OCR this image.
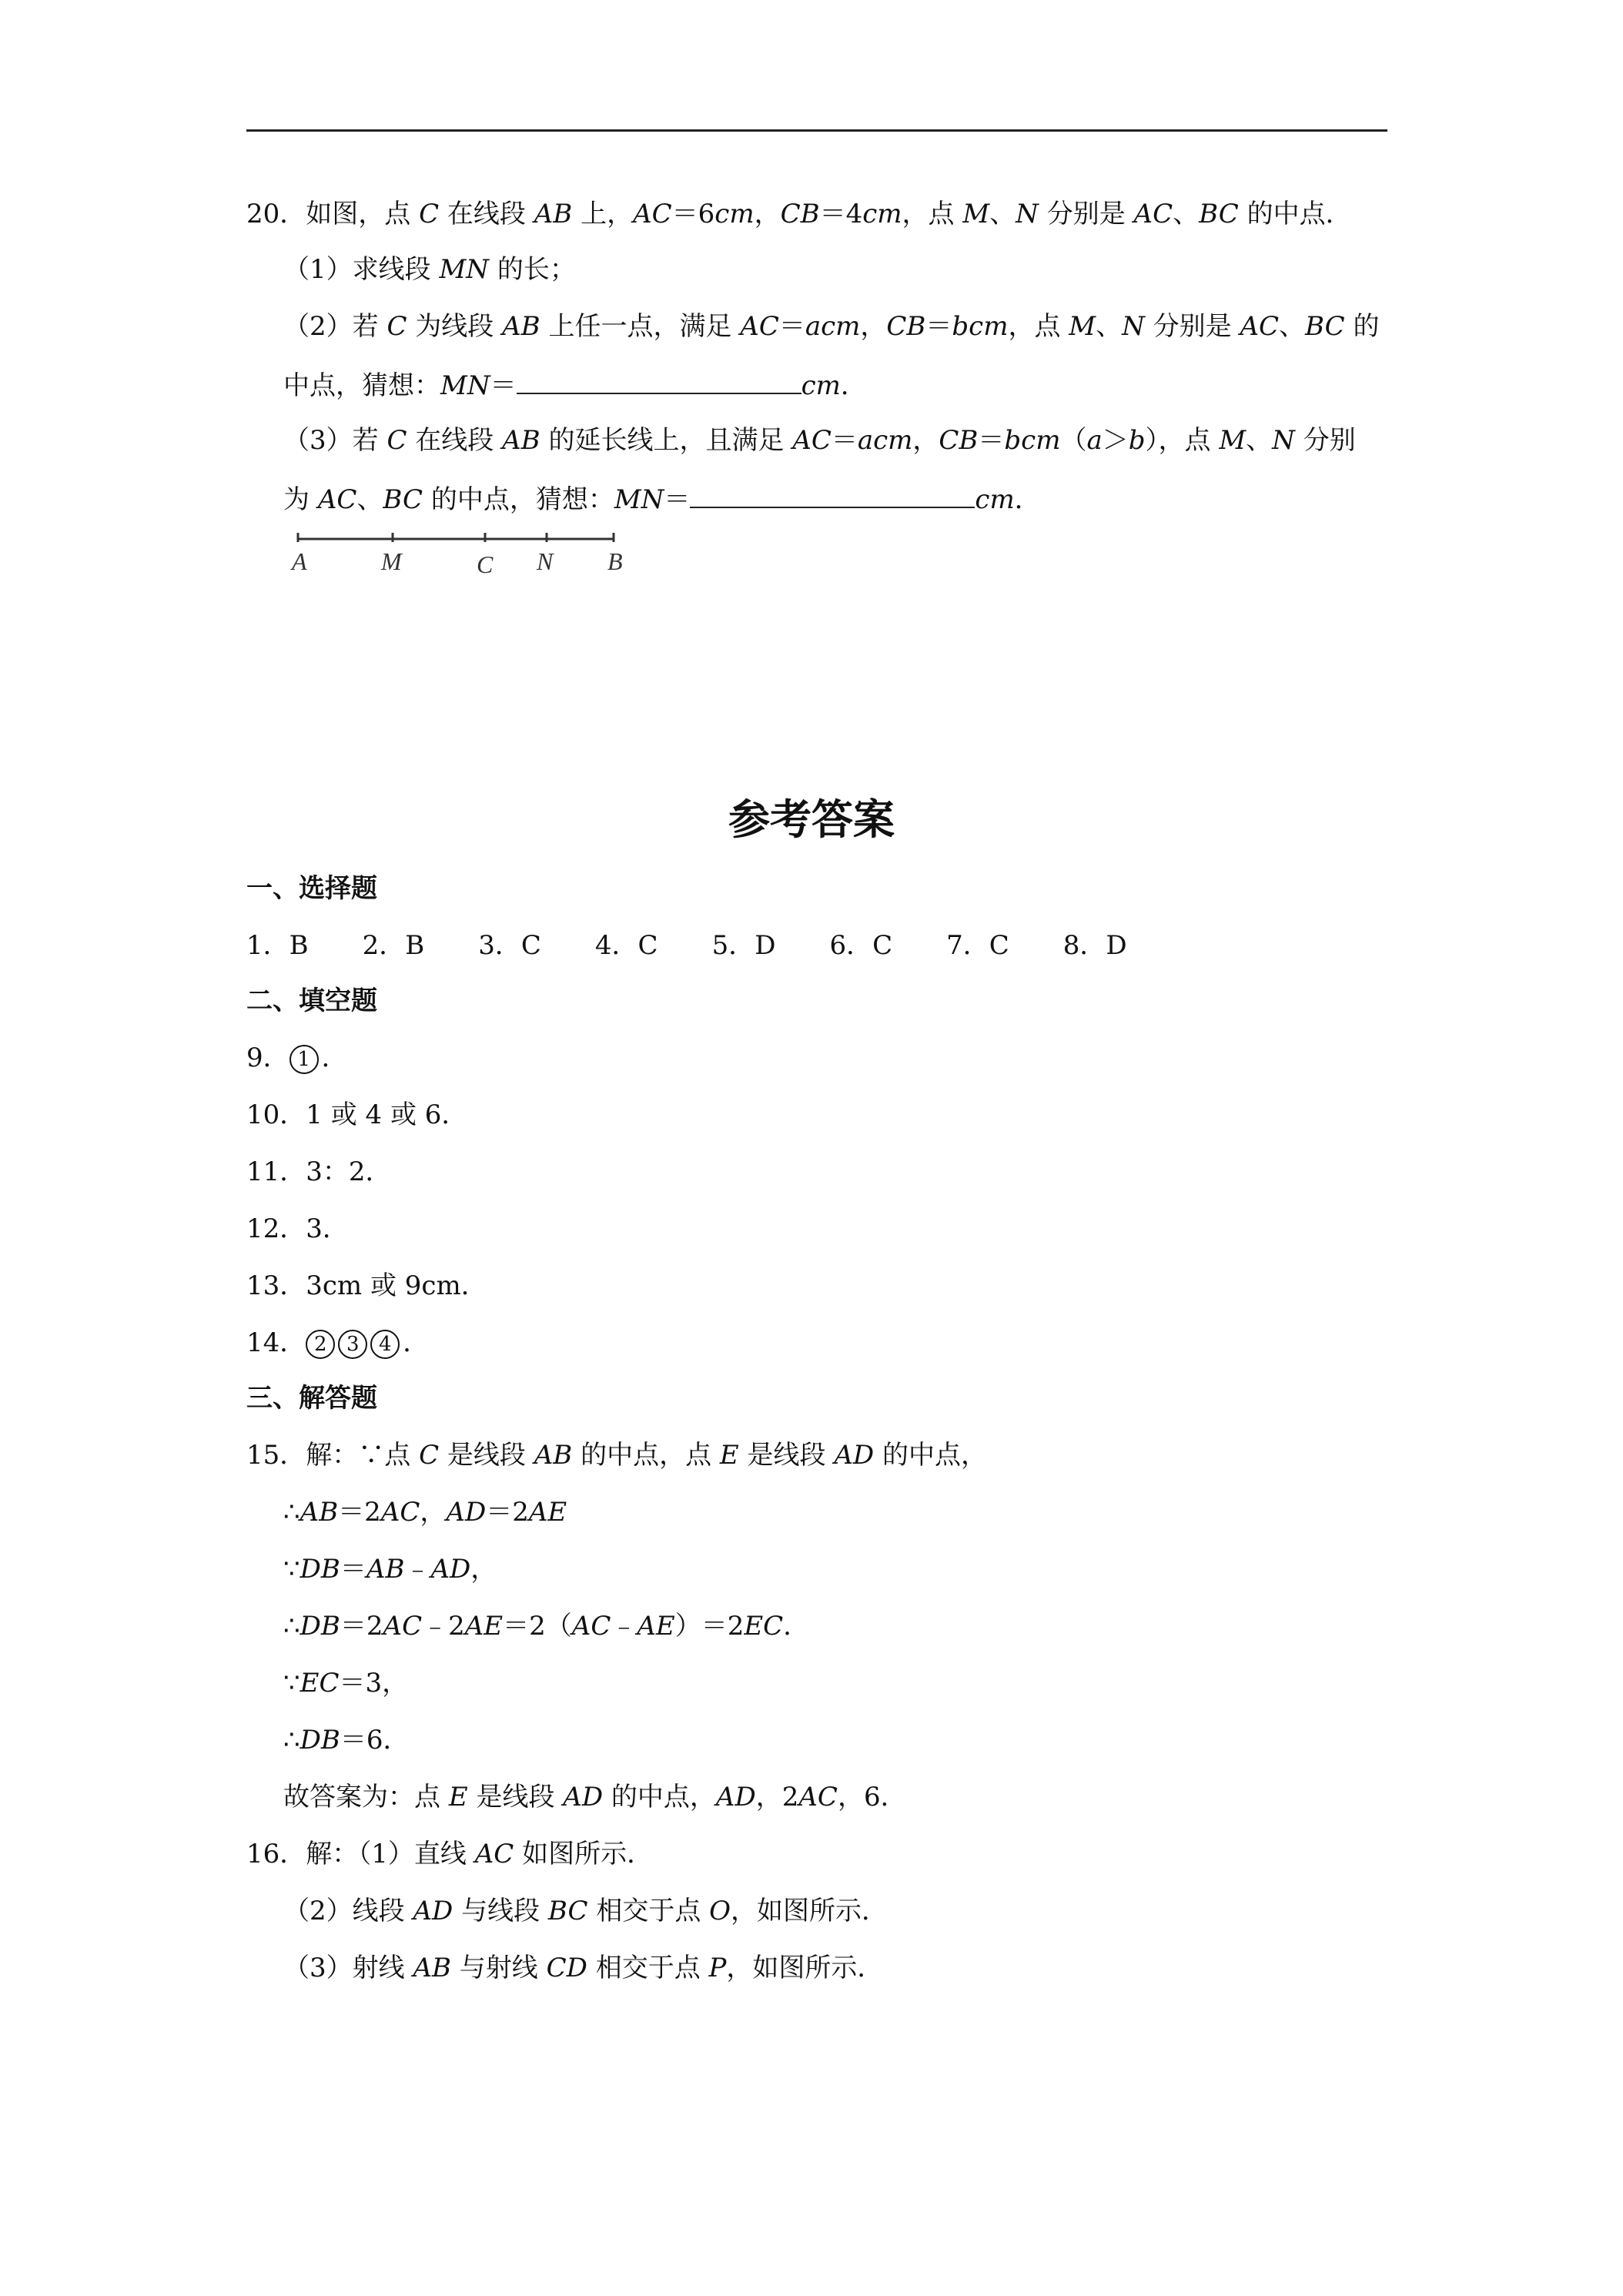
20．如图，点 C 在线段 AB 上，AC＝6cm，CB＝4cm，点 M、N 分别是 AC、BC 的中点．
（1）求线段 MN 的长；
（2）若 C 为线段 AB 上任一点，满足 AC＝acm，CB＝bcm，点 M、N 分别是 AC、BC 的
中点，猜想：MN＝	cm．
（3）若 C 在线段 AB 的延长线上，且满足 AC＝acm，CB＝bcm（a＞b），点 M、N 分别
为 AC、BC 的中点，猜想：MN＝	cm．
A	M	C N B
参考答案
一、选择题
1．B 2．B 3．C 4．C 5．D 6．C 7．C 8．D
二、填空题
9． 1 ．
10．1 或 4 或 6．
11．3：2．
12．3．
13．3cm 或 9cm．
14． 2 3 4 ．
三、解答题
15．解：∵点 C 是线段 AB 的中点，点 E 是线段 AD 的中点，
∴AB＝2AC，AD＝2AE
∵DB＝AB﹣AD，
∴DB＝2AC﹣2AE＝2（AC﹣AE）＝2EC．
∵EC＝3，
∴DB＝6．
故答案为：点 E 是线段 AD 的中点，AD，2AC，6．
16．解：（1）直线 AC 如图所示．
（2）线段 AD 与线段 BC 相交于点 O，如图所示．
（3）射线 AB 与射线 CD 相交于点 P，如图所示．
